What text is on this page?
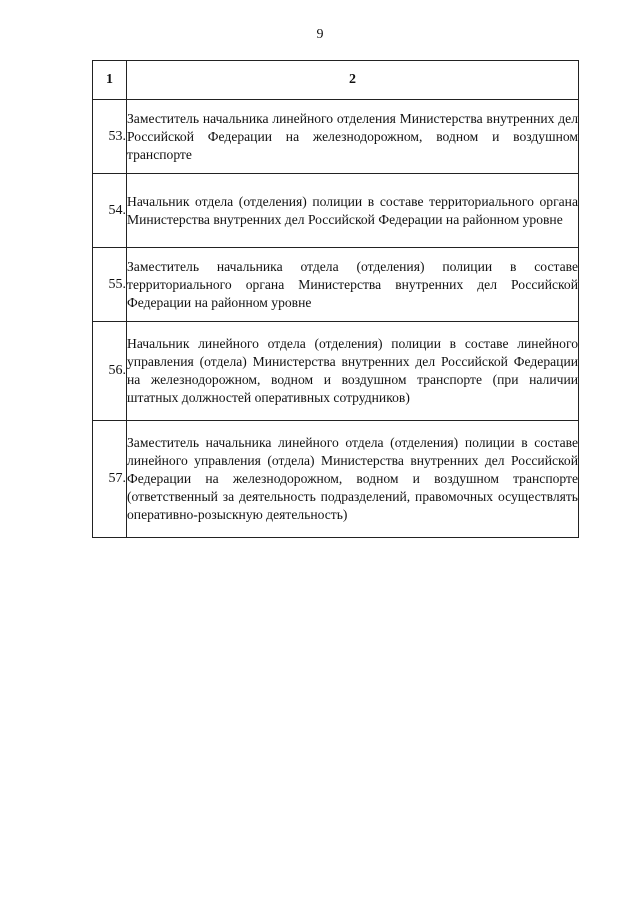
9
1	2
53.	Заместитель начальника линейного отделения Министерства внутренних дел Российской Федерации на железнодорожном, водном и воздушном транспорте
54.	Начальник отдела (отделения) полиции в составе территориального органа Министерства внутренних дел Российской Федерации на районном уровне
55.	Заместитель начальника отдела (отделения) полиции в составе территориального органа Министерства внутренних дел Российской Федерации на районном уровне
56.	Начальник линейного отдела (отделения) полиции в составе линейного управления (отдела) Министерства внутренних дел Российской Федерации на железнодорожном, водном и воздушном транспорте (при наличии штатных должностей оперативных сотрудников)
57.	Заместитель начальника линейного отдела (отделения) полиции в составе линейного управления (отдела) Министерства внутренних дел Российской Федерации на железнодорожном, водном и воздушном транспорте (ответственный за деятельность подразделений, правомочных осуществлять оперативно-розыскную деятельность)
